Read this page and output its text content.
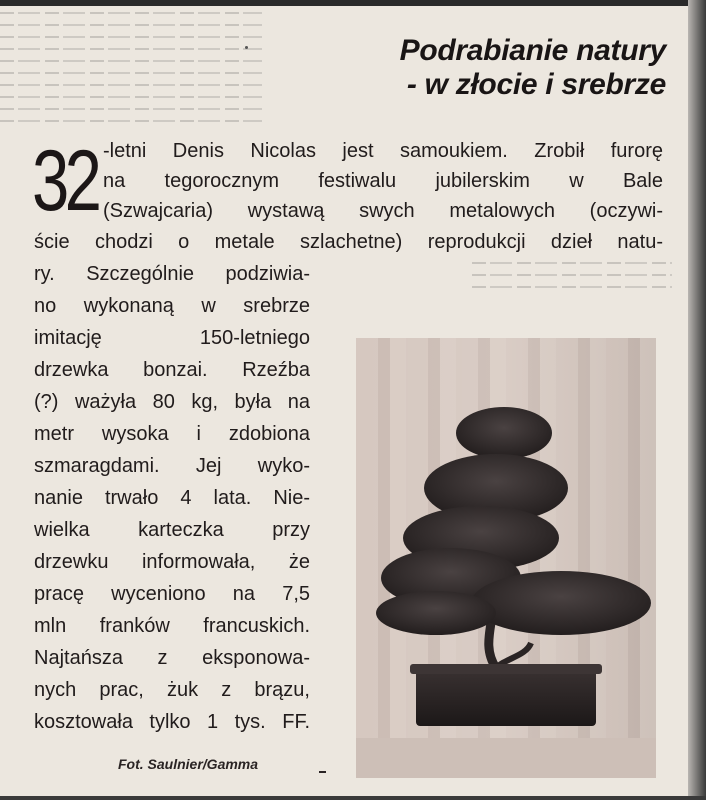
Podrabianie natury
- w złocie i srebrze
32 -letni Denis Nicolas jest samoukiem. Zrobił furorę
na tegorocznym festiwalu jubilerskim w Bale
(Szwajcaria) wystawą swych metalowych (oczywi-
ście chodzi o metale szlachetne) reprodukcji dzieł natu-
ry. Szczególnie podziwia-
no wykonaną w srebrze
imitację 150-letniego
drzewka bonzai. Rzeźba
(?) ważyła 80 kg, była na
metr wysoka i zdobiona
szmaragdami. Jej wyko-
nanie trwało 4 lata. Nie-
wielka karteczka przy
drzewku informowała, że
pracę wyceniono na 7,5
mln franków francuskich.
Najtańsza z eksponowa-
nych prac, żuk z brązu,
kosztowała tylko 1 tys. FF.
Fot. Saulnier/Gamma
